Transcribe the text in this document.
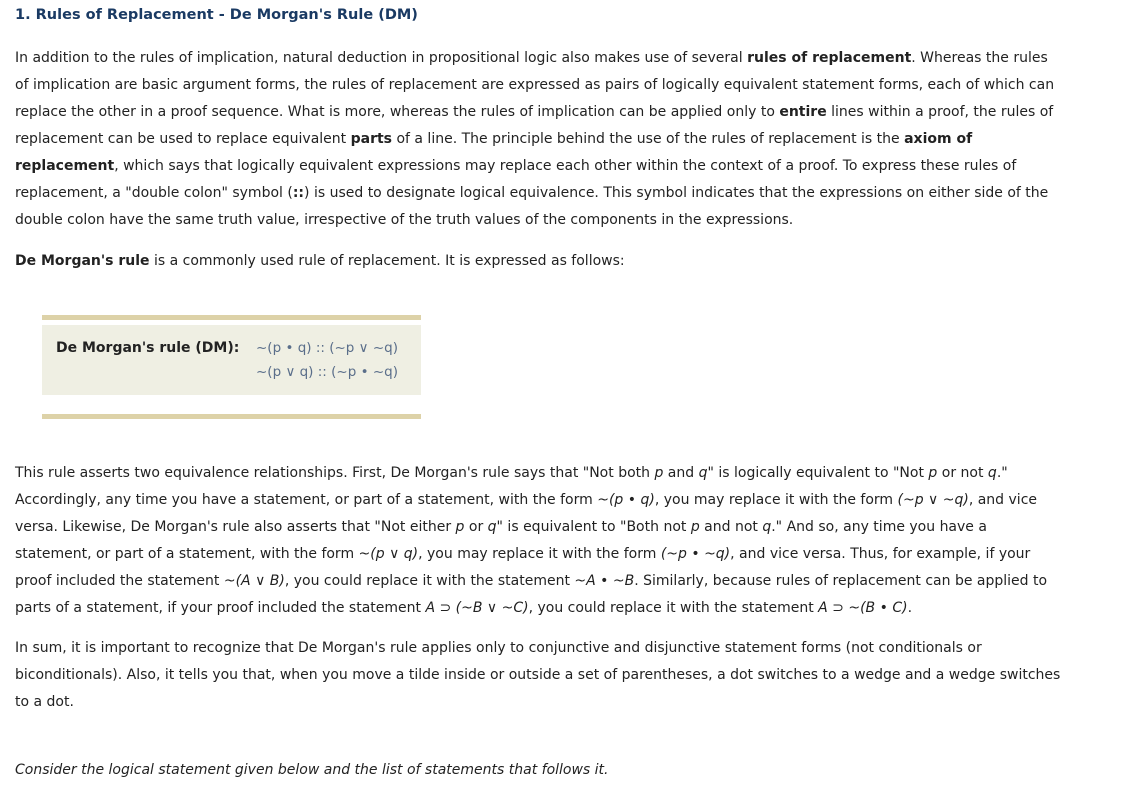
1. Rules of Replacement - De Morgan's Rule (DM)

In addition to the rules of implication, natural deduction in propositional logic also makes use of several rules of replacement. Whereas the rules of implication are basic argument forms, the rules of replacement are expressed as pairs of logically equivalent statement forms, each of which can replace the other in a proof sequence. What is more, whereas the rules of implication can be applied only to entire lines within a proof, the rules of replacement can be used to replace equivalent parts of a line. The principle behind the use of the rules of replacement is the axiom of replacement, which says that logically equivalent expressions may replace each other within the context of a proof. To express these rules of replacement, a "double colon" symbol (::) is used to designate logical equivalence. This symbol indicates that the expressions on either side of the double colon have the same truth value, irrespective of the truth values of the components in the expressions.

De Morgan's rule is a commonly used rule of replacement. It is expressed as follows:

De Morgan's rule (DM): ~(p • q) :: (~p ∨ ~q)
~(p ∨ q) :: (~p • ~q)

This rule asserts two equivalence relationships. First, De Morgan's rule says that "Not both p and q" is logically equivalent to "Not p or not q." Accordingly, any time you have a statement, or part of a statement, with the form ~(p • q), you may replace it with the form (~p ∨ ~q), and vice versa. Likewise, De Morgan's rule also asserts that "Not either p or q" is equivalent to "Both not p and not q." And so, any time you have a statement, or part of a statement, with the form ~(p ∨ q), you may replace it with the form (~p • ~q), and vice versa. Thus, for example, if your proof included the statement ~(A ∨ B), you could replace it with the statement ~A • ~B. Similarly, because rules of replacement can be applied to parts of a statement, if your proof included the statement A ⊃ (~B ∨ ~C), you could replace it with the statement A ⊃ ~(B • C).

In sum, it is important to recognize that De Morgan's rule applies only to conjunctive and disjunctive statement forms (not conditionals or biconditionals). Also, it tells you that, when you move a tilde inside or outside a set of parentheses, a dot switches to a wedge and a wedge switches to a dot.

Consider the logical statement given below and the list of statements that follows it.
